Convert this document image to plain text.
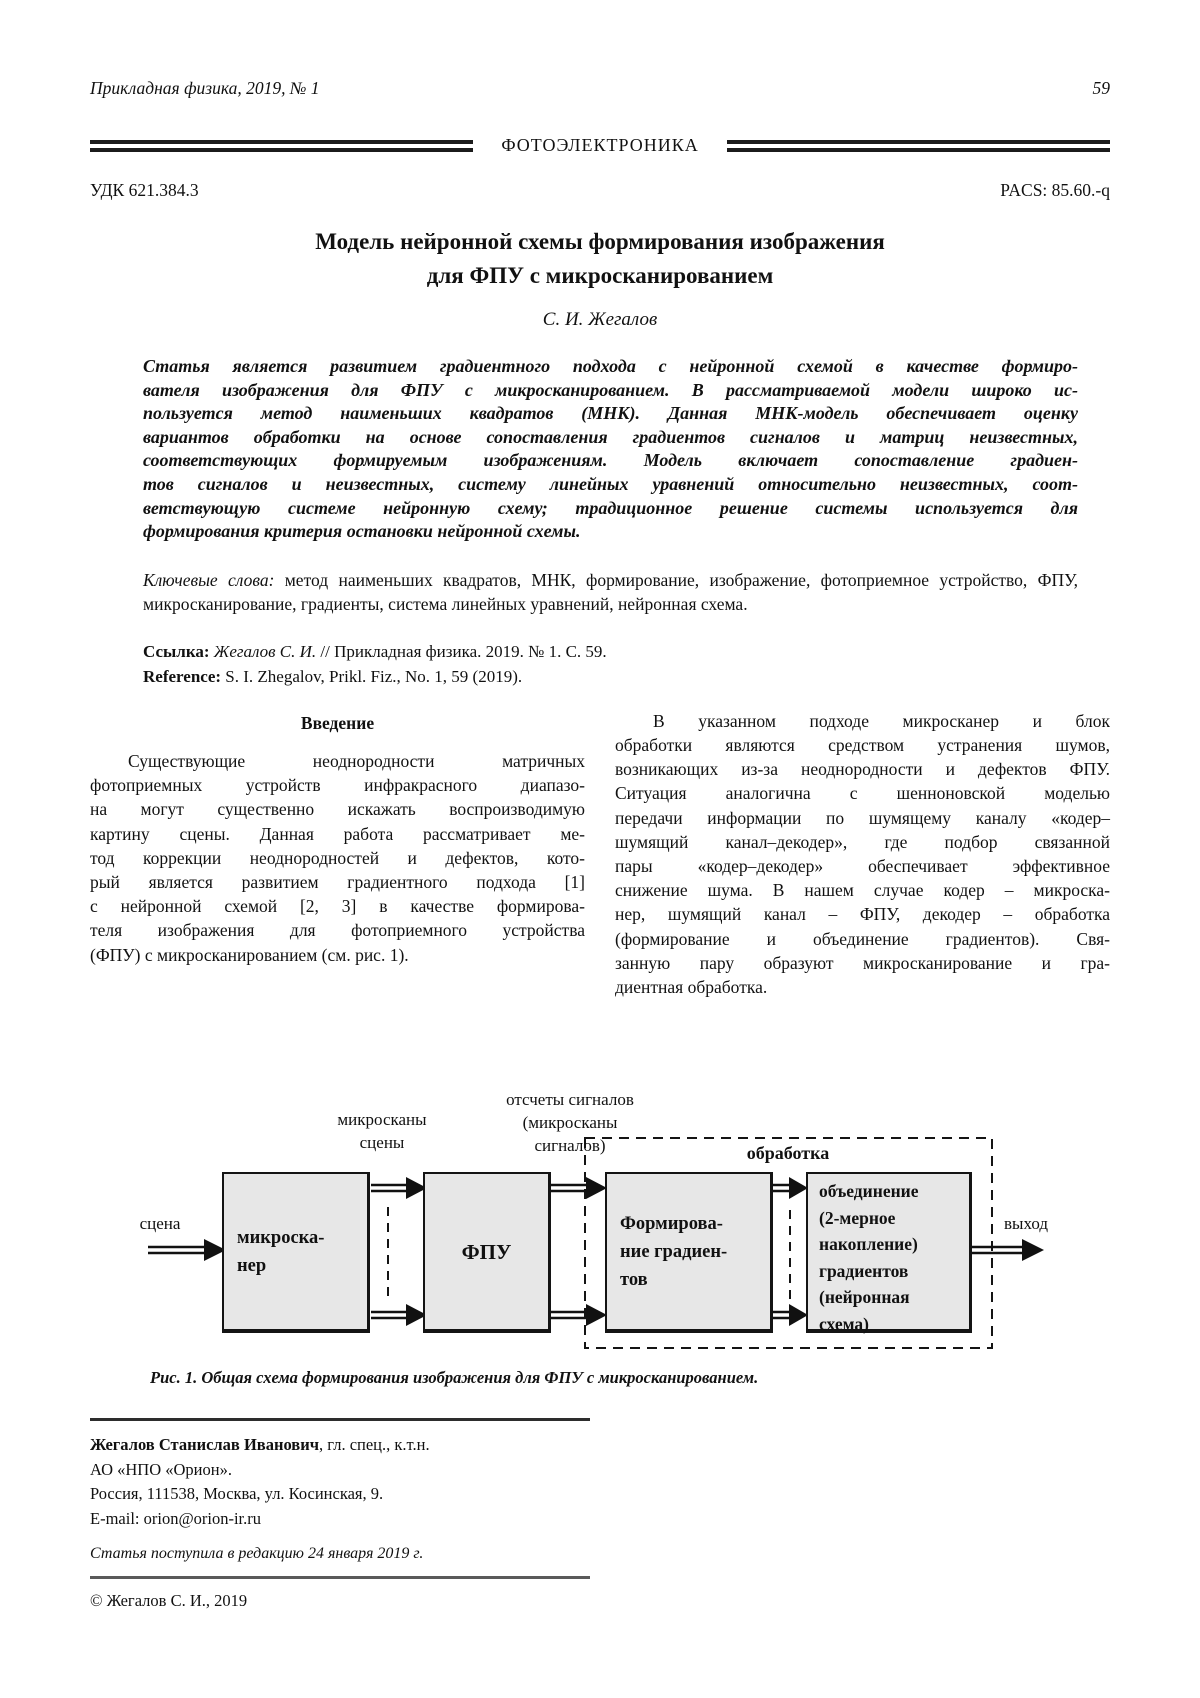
Прикладная физика, 2019, № 1	59
ФОТОЭЛЕКТРОНИКА
УДК 621.384.3	PACS: 85.60.-q
Модель нейронной схемы формирования изображения
для ФПУ с микросканированием
С. И. Жегалов
Статья является развитием градиентного подхода с нейронной схемой в качестве формиро-
вателя изображения для ФПУ с микросканированием. В рассматриваемой модели широко ис-
пользуется метод наименьших квадратов (МНК). Данная МНК-модель обеспечивает оценку
вариантов обработки на основе сопоставления градиентов сигналов и матриц неизвестных,
соответствующих формируемым изображениям. Модель включает сопоставление градиен-
тов сигналов и неизвестных, систему линейных уравнений относительно неизвестных, соот-
ветствующую системе нейронную схему; традиционное решение системы используется для
формирования критерия остановки нейронной схемы.
Ключевые слова: метод наименьших квадратов, МНК, формирование, изображение, фотоприемное устройство, ФПУ, микросканирование, градиенты, система линейных уравнений, нейронная схема.
Ссылка: Жегалов С. И. // Прикладная физика. 2019. № 1. С. 59.
Reference: S. I. Zhegalov, Prikl. Fiz., No. 1, 59 (2019).
Введение
Существующие неоднородности матричных
фотоприемных устройств инфракрасного диапазо-
на могут существенно искажать воспроизводимую
картину сцены. Данная работа рассматривает ме-
тод коррекции неоднородностей и дефектов, кото-
рый является развитием градиентного подхода [1]
с нейронной схемой [2, 3] в качестве формирова-
теля изображения для фотоприемного устройства
(ФПУ) с микросканированием (см. рис. 1).
В указанном подходе микросканер и блок
обработки являются средством устранения шумов,
возникающих из-за неоднородности и дефектов ФПУ.
Ситуация аналогична с шенноновской моделью
передачи информации по шумящему каналу «кодер–
шумящий канал–декодер», где подбор связанной
пары «кодер–декодер» обеспечивает эффективное
снижение шума. В нашем случае кодер – микроска-
нер, шумящий канал – ФПУ, декодер – обработка
(формирование и объединение градиентов). Свя-
занную пару образуют микросканирование и гра-
диентная обработка.
сцена
микросканы
сцены
отсчеты сигналов
(микросканы
сигналов)	обработка
выход
микроска-
нер
ФПУ
Формирова-
ние градиен-
тов
объединение
(2-мерное
накопление)
градиентов
(нейронная
схема)
Рис. 1. Общая схема формирования изображения для ФПУ с микросканированием.
Жегалов Станислав Иванович, гл. спец., к.т.н.
АО «НПО «Орион».
Россия, 111538, Москва, ул. Косинская, 9.
E-mail: orion@orion-ir.ru
Статья поступила в редакцию 24 января 2019 г.
© Жегалов С. И., 2019
